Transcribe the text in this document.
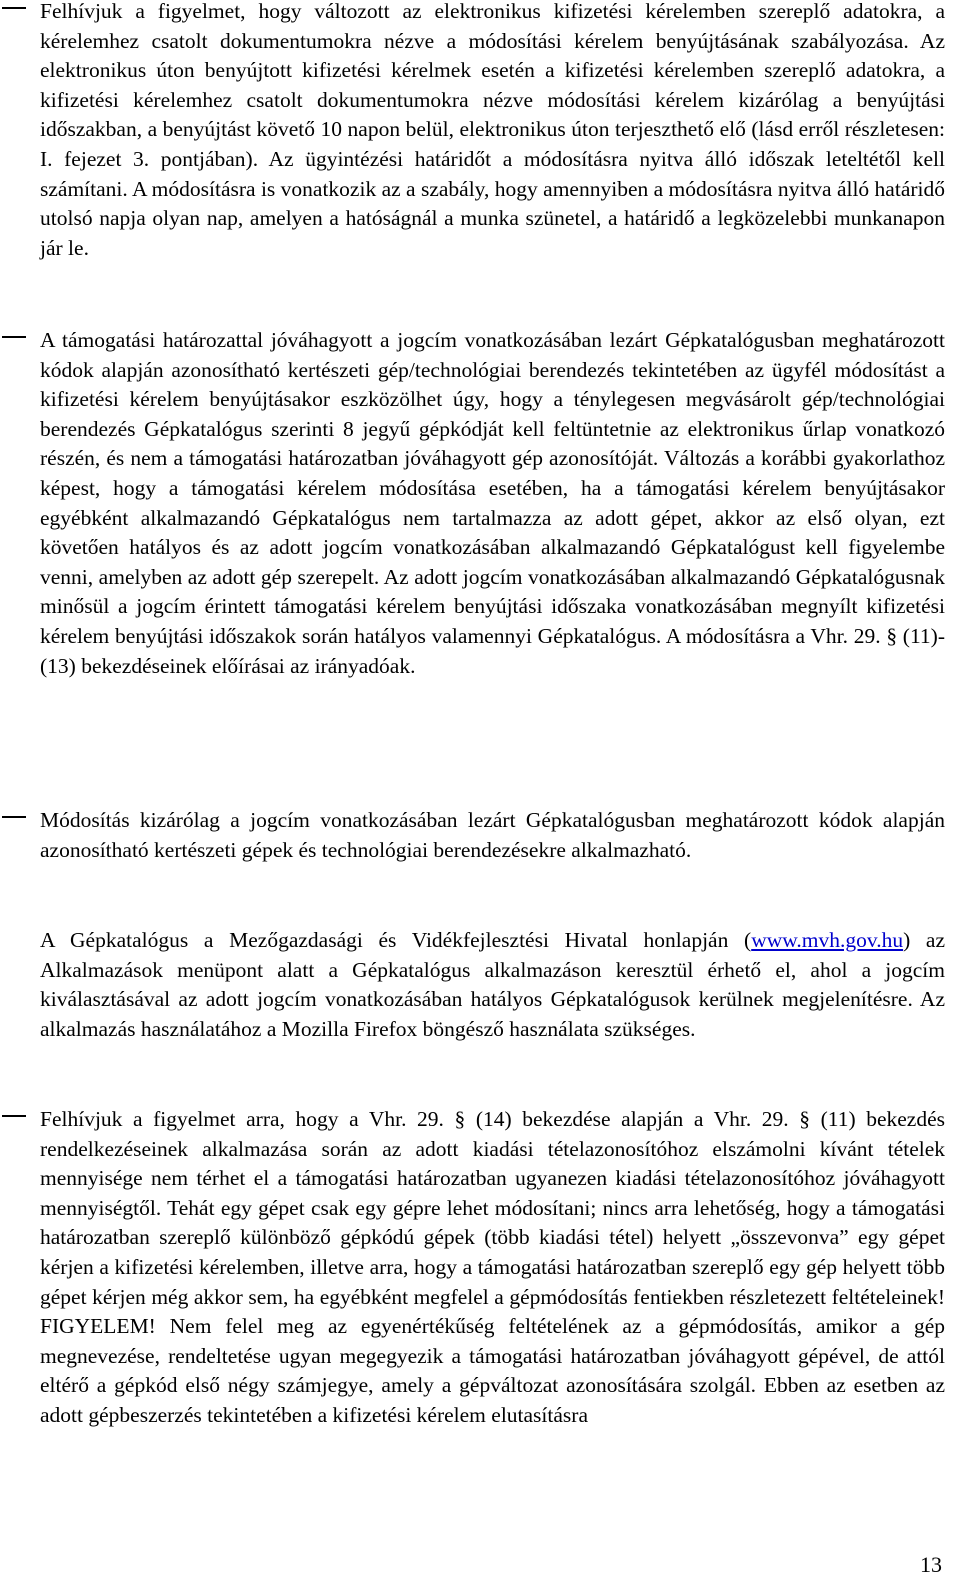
Felhívjuk a figyelmet, hogy változott az elektronikus kifizetési kérelemben szereplő adatokra, a kérelemhez csatolt dokumentumokra nézve a módosítási kérelem benyújtásának szabályozása. Az elektronikus úton benyújtott kifizetési kérelmek esetén a kifizetési kérelemben szereplő adatokra, a kifizetési kérelemhez csatolt dokumentumokra nézve módosítási kérelem kizárólag a benyújtási időszakban, a benyújtást követő 10 napon belül, elektronikus úton terjeszthető elő (lásd erről részletesen: I. fejezet 3. pontjában). Az ügyintézési határidőt a módosításra nyitva álló időszak leteltétől kell számítani. A módosításra is vonatkozik az a szabály, hogy amennyiben a módosításra nyitva álló határidő utolsó napja olyan nap, amelyen a hatóságnál a munka szünetel, a határidő a legközelebbi munkanapon jár le.
A támogatási határozattal jóváhagyott a jogcím vonatkozásában lezárt Gépkatalógusban meghatározott kódok alapján azonosítható kertészeti gép/technológiai berendezés tekintetében az ügyfél módosítást a kifizetési kérelem benyújtásakor eszközölhet úgy, hogy a ténylegesen megvásárolt gép/technológiai berendezés Gépkatalógus szerinti 8 jegyű gépkódját kell feltüntetnie az elektronikus űrlap vonatkozó részén, és nem a támogatási határozatban jóváhagyott gép azonosítóját. Változás a korábbi gyakorlathoz képest, hogy a támogatási kérelem módosítása esetében, ha a támogatási kérelem benyújtásakor egyébként alkalmazandó Gépkatalógus nem tartalmazza az adott gépet, akkor az első olyan, ezt követően hatályos és az adott jogcím vonatkozásában alkalmazandó Gépkatalógust kell figyelembe venni, amelyben az adott gép szerepelt. Az adott jogcím vonatkozásában alkalmazandó Gépkatalógusnak minősül a jogcím érintett támogatási kérelem benyújtási időszaka vonatkozásában megnyílt kifizetési kérelem benyújtási időszakok során hatályos valamennyi Gépkatalógus. A módosításra a Vhr. 29. § (11)-(13) bekezdéseinek előírásai az irányadóak.
Módosítás kizárólag a jogcím vonatkozásában lezárt Gépkatalógusban meghatározott kódok alapján azonosítható kertészeti gépek és technológiai berendezésekre alkalmazható.
A Gépkatalógus a Mezőgazdasági és Vidékfejlesztési Hivatal honlapján (www.mvh.gov.hu) az Alkalmazások menüpont alatt a Gépkatalógus alkalmazáson keresztül érhető el, ahol a jogcím kiválasztásával az adott jogcím vonatkozásában hatályos Gépkatalógusok kerülnek megjelenítésre. Az alkalmazás használatához a Mozilla Firefox böngésző használata szükséges.
Felhívjuk a figyelmet arra, hogy a Vhr. 29. § (14) bekezdése alapján a Vhr. 29. § (11) bekezdés rendelkezéseinek alkalmazása során az adott kiadási tételazonosítóhoz elszámolni kívánt tételek mennyisége nem térhet el a támogatási határozatban ugyanezen kiadási tételazonosítóhoz jóváhagyott mennyiségtől. Tehát egy gépet csak egy gépre lehet módosítani; nincs arra lehetőség, hogy a támogatási határozatban szereplő különböző gépkódú gépek (több kiadási tétel) helyett „összevonva” egy gépet kérjen a kifizetési kérelemben, illetve arra, hogy a támogatási határozatban szereplő egy gép helyett több gépet kérjen még akkor sem, ha egyébként megfelel a gépmódosítás fentiekben részletezett feltételeinek! FIGYELEM! Nem felel meg az egyenértékűség feltételének az a gépmódosítás, amikor a gép megnevezése, rendeltetése ugyan megegyezik a támogatási határozatban jóváhagyott gépével, de attól eltérő a gépkód első négy számjegye, amely a gépváltozat azonosítására szolgál. Ebben az esetben az adott gépbeszerzés tekintetében a kifizetési kérelem elutasításra
13
